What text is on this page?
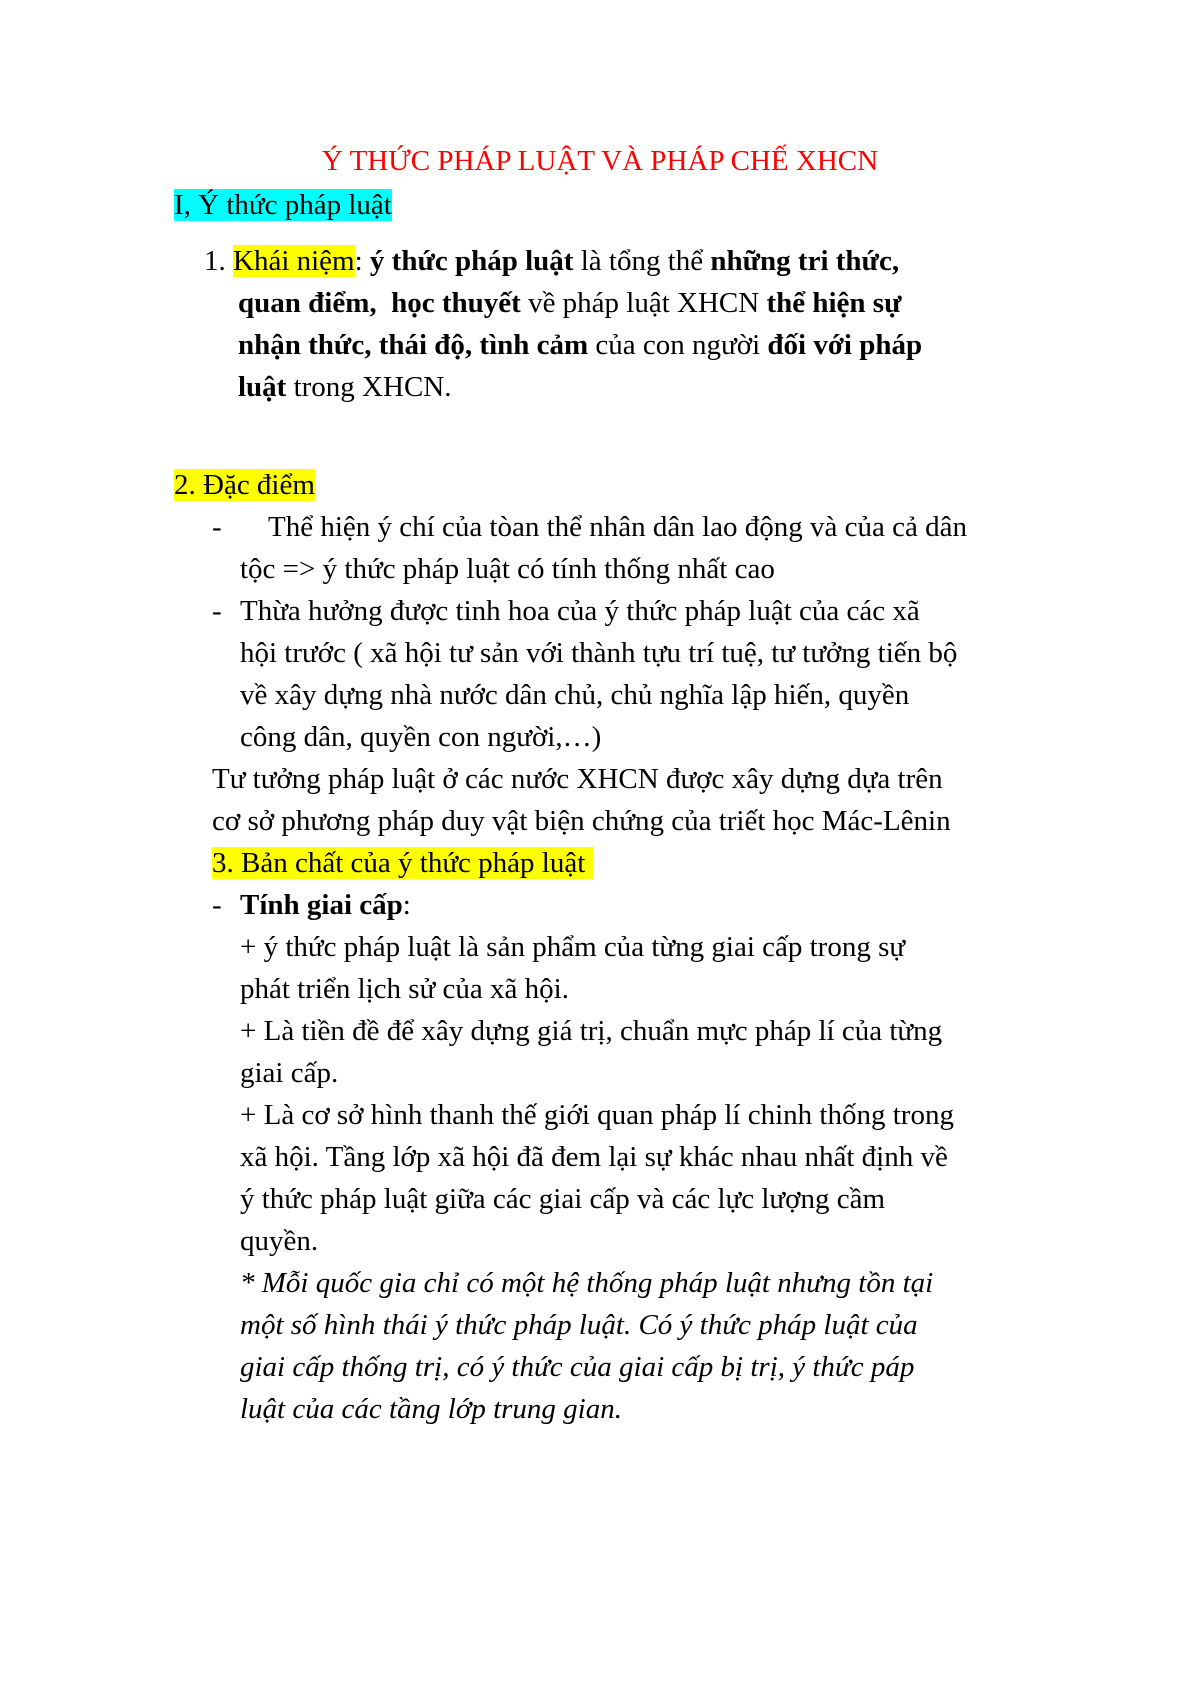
Ý THỨC PHÁP LUẬT VÀ PHÁP CHẾ XHCN
I, Ý thức pháp luật
1. Khái niệm: ý thức pháp luật là tổng thể những tri thức,
quan điểm, học thuyết về pháp luật XHCN thể hiện sự
nhận thức, thái độ, tình cảm của con người đối với pháp
luật trong XHCN.
2. Đặc điểm
- Thể hiện ý chí của tòan thể nhân dân lao động và của cả dân
tộc => ý thức pháp luật có tính thống nhất cao
- Thừa hưởng được tinh hoa của ý thức pháp luật của các xã
hội trước ( xã hội tư sản với thành tựu trí tuệ, tư tưởng tiến bộ
về xây dựng nhà nước dân chủ, chủ nghĩa lập hiến, quyền
công dân, quyền con người,…)
Tư tưởng pháp luật ở các nước XHCN được xây dựng dựa trên
cơ sở phương pháp duy vật biện chứng của triết học Mác-Lênin
3. Bản chất của ý thức pháp luật
- Tính giai cấp:
+ ý thức pháp luật là sản phẩm của từng giai cấp trong sự
phát triển lịch sử của xã hội.
+ Là tiền đề để xây dựng giá trị, chuẩn mực pháp lí của từng
giai cấp.
+ Là cơ sở hình thanh thế giới quan pháp lí chinh thống trong
xã hội. Tầng lớp xã hội đã đem lại sự khác nhau nhất định về
ý thức pháp luật giữa các giai cấp và các lực lượng cầm
quyền.
* Mỗi quốc gia chỉ có một hệ thống pháp luật nhưng tồn tại
một số hình thái ý thức pháp luật. Có ý thức pháp luật của
giai cấp thống trị, có ý thức của giai cấp bị trị, ý thức páp
luật của các tầng lớp trung gian.
